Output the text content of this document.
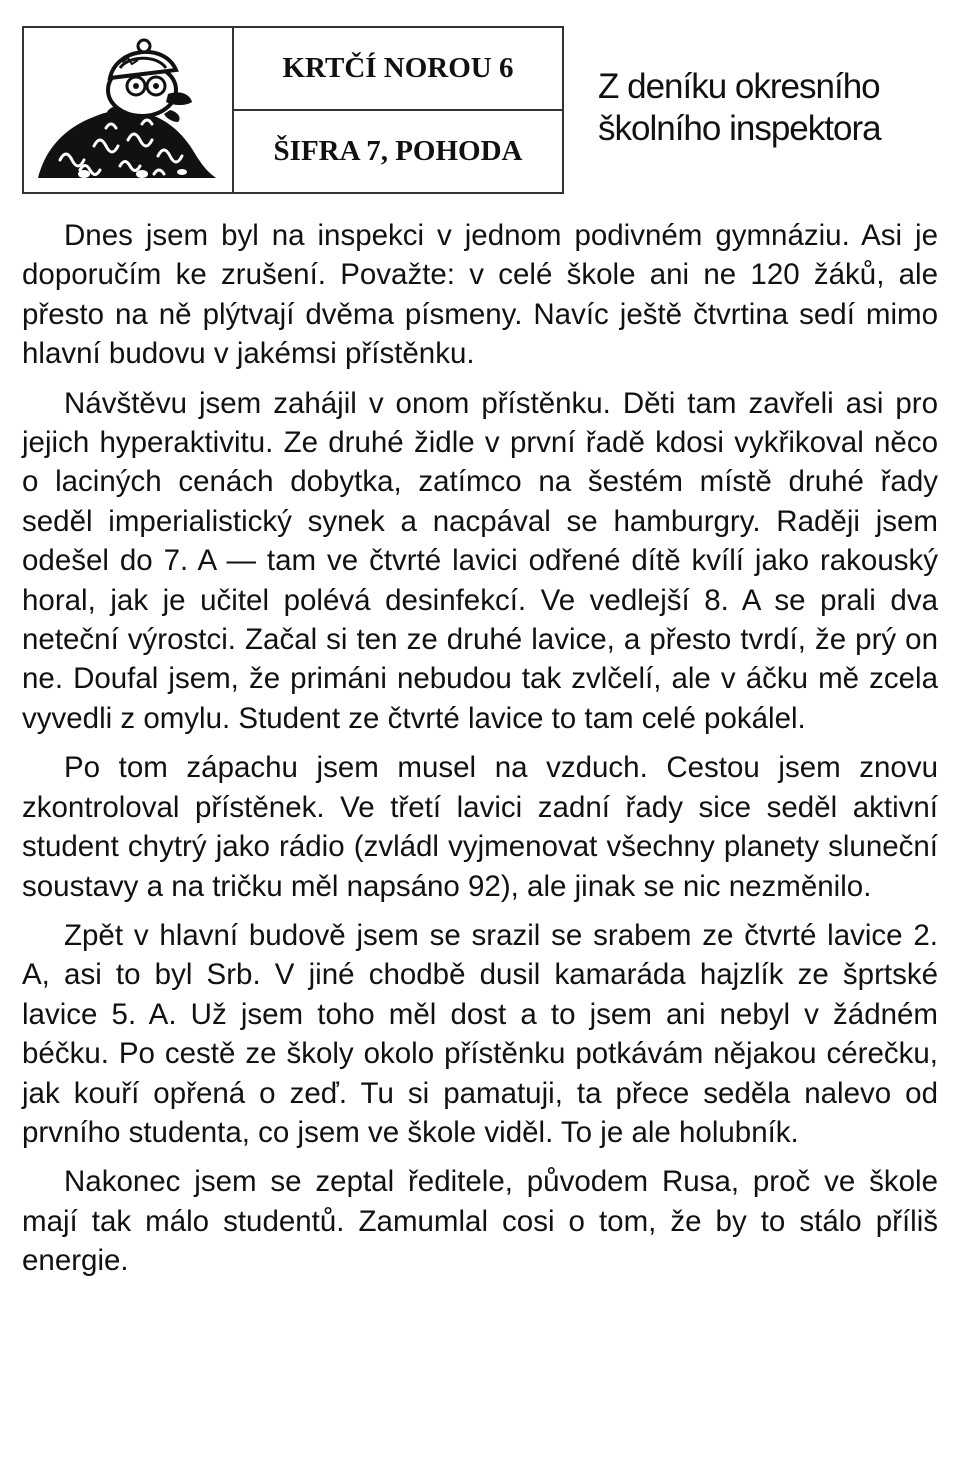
KRTČÍ NOROU 6
ŠIFRA 7, POHODA
Z deníku okresního
školního inspektora

Dnes jsem byl na inspekci v jednom podivném gymnáziu. Asi je doporučím ke zrušení. Považte: v celé škole ani ne 120 žáků, ale přesto na ně plýtvají dvěma písmeny. Navíc ještě čtvrtina sedí mimo hlavní budovu v jakémsi přístěnku.

Návštěvu jsem zahájil v onom přístěnku. Děti tam zavřeli asi pro jejich hyperaktivitu. Ze druhé židle v první řadě kdosi vykřikoval něco o laciných cenách dobytka, zatímco na šestém místě druhé řady seděl imperialistický synek a nacpával se hamburgry. Raději jsem odešel do 7. A — tam ve čtvrté lavici odřené dítě kvílí jako rakouský horal, jak je učitel polévá desinfekcí. Ve vedlejší 8. A se prali dva neteční výrostci. Začal si ten ze druhé lavice, a přesto tvrdí, že prý on ne. Doufal jsem, že primáni nebudou tak zvlčelí, ale v áčku mě zcela vyvedli z omylu. Student ze čtvrté lavice to tam celé pokálel.

Po tom zápachu jsem musel na vzduch. Cestou jsem znovu zkontroloval přístěnek. Ve třetí lavici zadní řady sice seděl aktivní student chytrý jako rádio (zvládl vyjmenovat všechny planety sluneční soustavy a na tričku měl napsáno 92), ale jinak se nic nezměnilo.

Zpět v hlavní budově jsem se srazil se srabem ze čtvrté lavice 2. A, asi to byl Srb. V jiné chodbě dusil kamaráda hajzlík ze šprtské lavice 5. A. Už jsem toho měl dost a to jsem ani nebyl v žádném béčku. Po cestě ze školy okolo přístěnku potkávám nějakou cérečku, jak kouří opřená o zeď. Tu si pamatuji, ta přece seděla nalevo od prvního studenta, co jsem ve škole viděl. To je ale holubník.

Nakonec jsem se zeptal ředitele, původem Rusa, proč ve škole mají tak málo studentů. Zamumlal cosi o tom, že by to stálo příliš energie.
